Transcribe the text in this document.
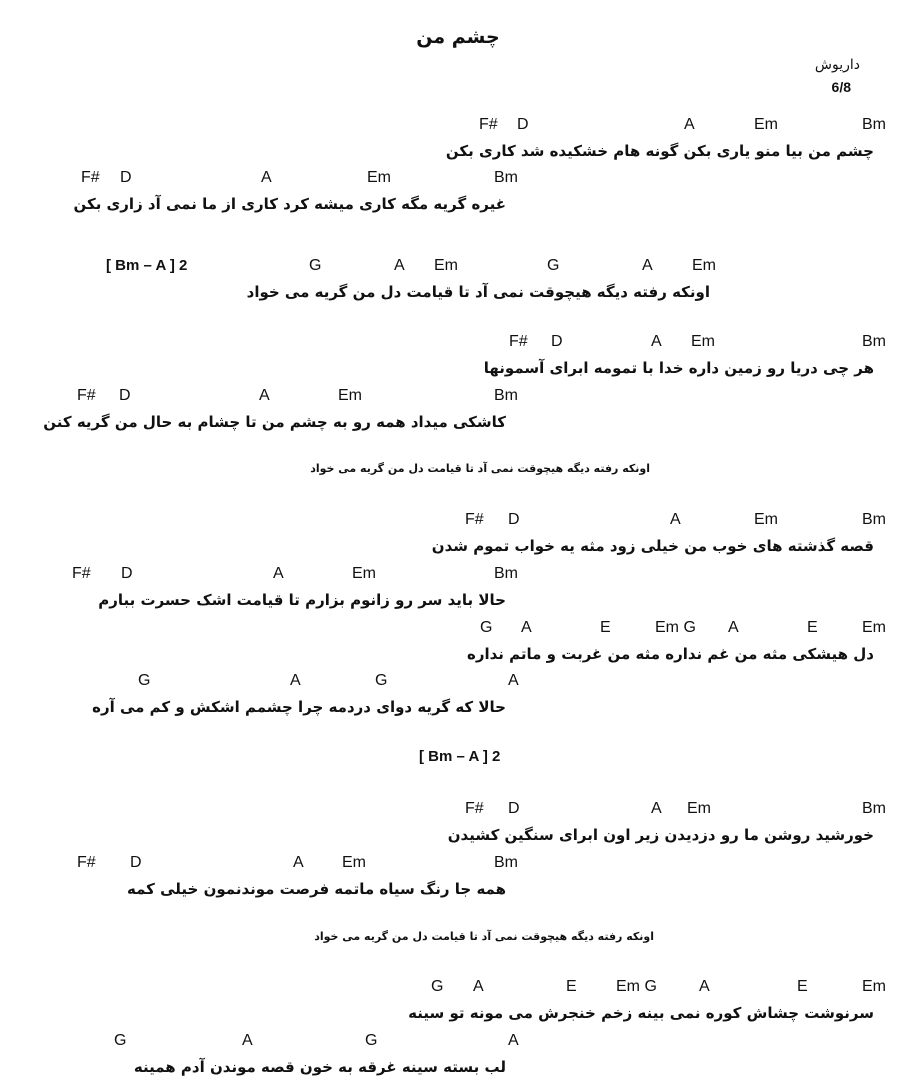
چشم من
داریوش
6/8
F# D	A	Em	Bm
چشم من بیا منو یاری بکن گونه هام خشکیده شد کاری بکن
F# D	A	Em	Bm
غیره گریه مگه کاری میشه کرد کاری از ما نمی آد زاری بکن
[ Bm – A ] 2	G	A Em	G	A Em
اونکه رفته دیگه هیچوقت نمی آد تا قیامت دل من گریه می خواد
F# D	A Em	Bm
هر چی دریا رو زمین داره خدا با تمومه ابرای آسمونها
F# D	A	Em	Bm
کاشکی میداد همه رو به چشم من تا چشام به حال من گریه کنن
اونکه رفته دیگه هیچوقت نمی آد تا قیامت دل من گریه می خواد
F# D	A	Em	Bm
قصه گذشته های خوب من خیلی زود مثه یه خواب تموم شدن
F# D	A	Em	Bm
حالا باید سر رو زانوم بزارم تا قیامت اشک حسرت ببارم
G A	E	Em G A	E	Em
دل هیشکی مثه من غم نداره مثه من غربت و ماتم نداره
G	A	G	A
حالا که گریه دوای دردمه چرا چشمم اشکش و کم می آره
[ Bm – A ] 2
F# D	A Em	Bm
خورشید روشن ما رو دزدیدن زیر اون ابرای سنگین کشیدن
F# D	A Em	Bm
همه جا رنگ سیاه ماتمه فرصت موندنمون خیلی کمه
اونکه رفته دیگه هیچوقت نمی آد تا قیامت دل من گریه می خواد
G A	E Em G	A	E	Em
سرنوشت چشاش کوره نمی بینه زخم خنجرش می مونه تو سینه
G	A	G	A
لب بسته سینه غرقه به خون قصه موندن آدم همینه
